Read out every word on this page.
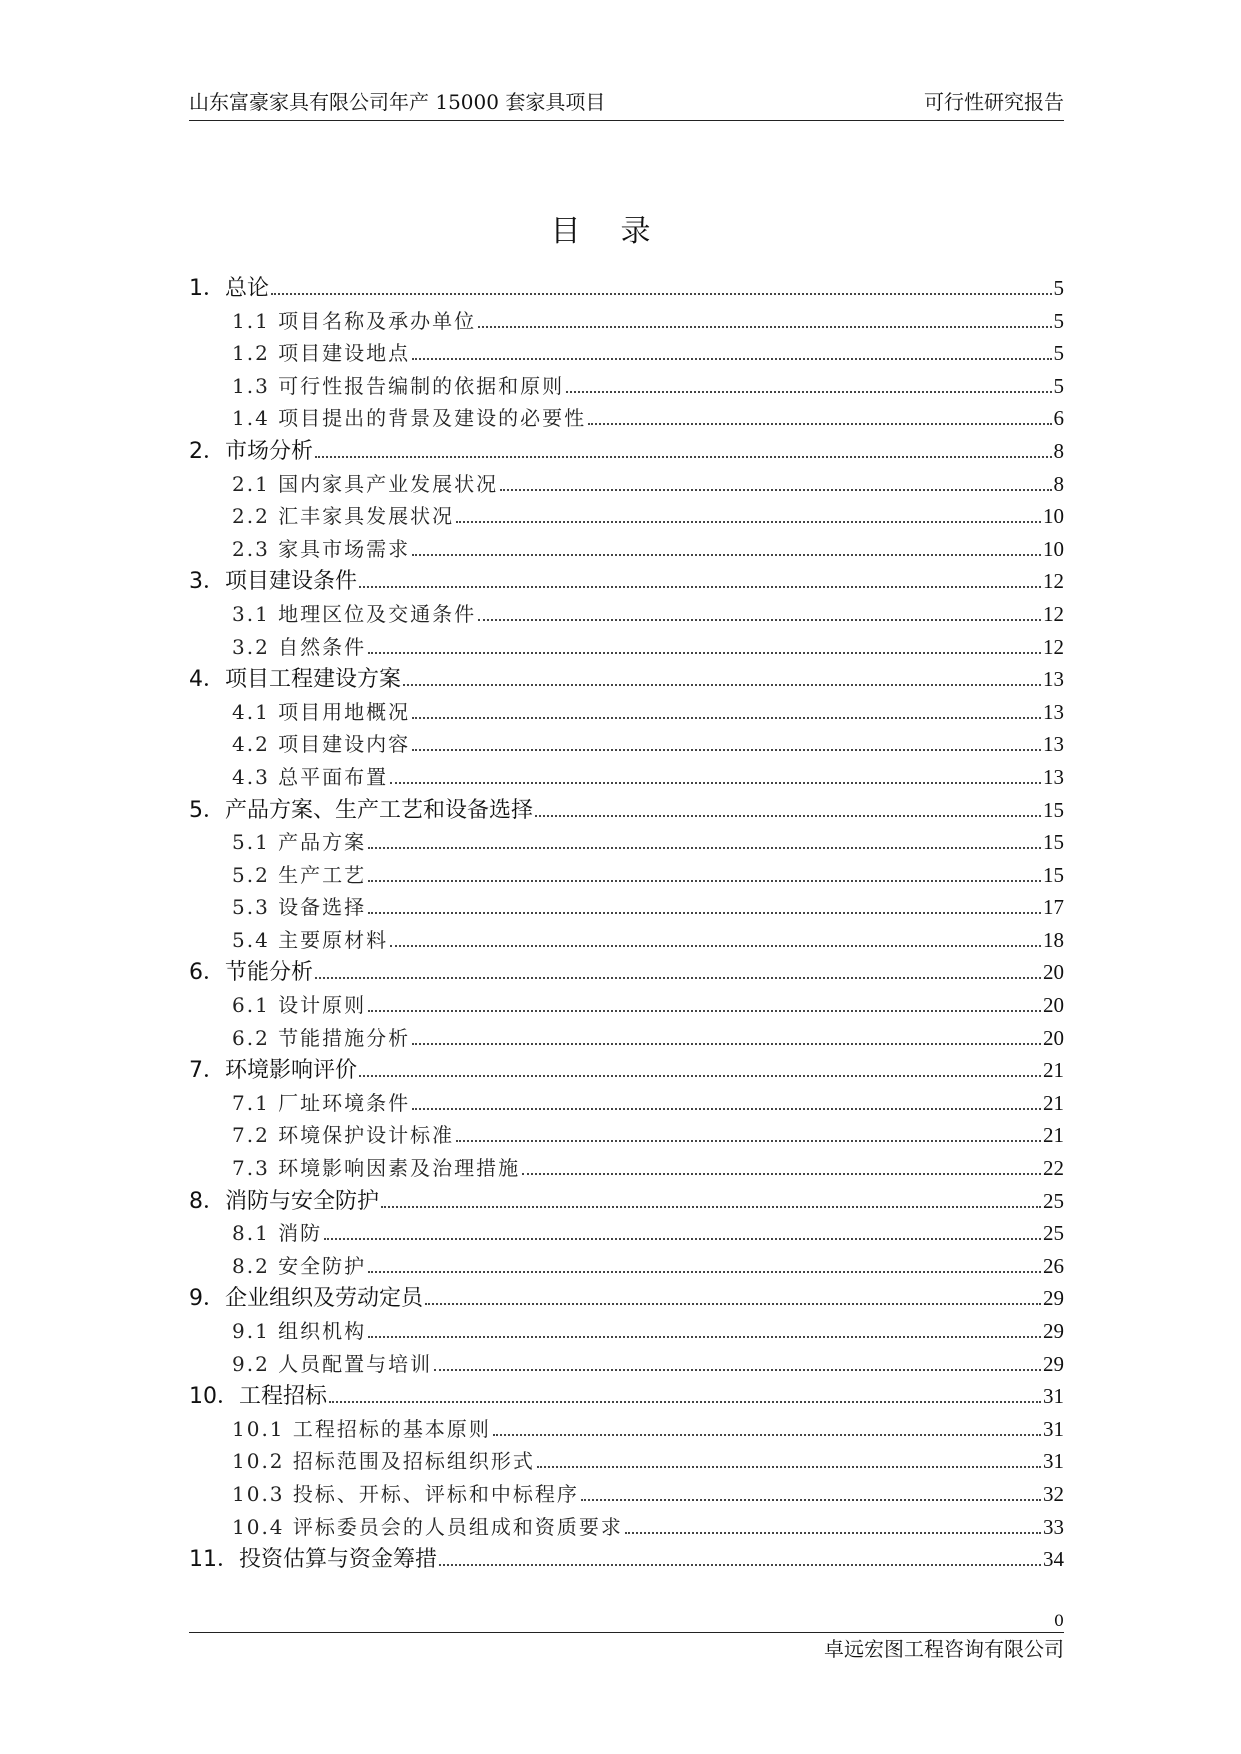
山东富豪家具有限公司年产 15000 套家具项目	可行性研究报告
目录
1．总论	5
1.1 项目名称及承办单位	5
1.2 项目建设地点	5
1.3 可行性报告编制的依据和原则	5
1.4 项目提出的背景及建设的必要性	6
2．市场分析	8
2.1 国内家具产业发展状况	8
2.2 汇丰家具发展状况	10
2.3 家具市场需求	10
3．项目建设条件	12
3.1 地理区位及交通条件	12
3.2 自然条件	12
4．项目工程建设方案	13
4.1 项目用地概况	13
4.2 项目建设内容	13
4.3 总平面布置	13
5．产品方案、生产工艺和设备选择	15
5.1 产品方案	15
5.2 生产工艺	15
5.3 设备选择	17
5.4 主要原材料	18
6．节能分析	20
6.1 设计原则	20
6.2 节能措施分析	20
7．环境影响评价	21
7.1 厂址环境条件	21
7.2 环境保护设计标准	21
7.3 环境影响因素及治理措施	22
8．消防与安全防护	25
8.1 消防	25
8.2 安全防护	26
9．企业组织及劳动定员	29
9.1 组织机构	29
9.2 人员配置与培训	29
10．工程招标	31
10.1 工程招标的基本原则	31
10.2 招标范围及招标组织形式	31
10.3 投标、开标、评标和中标程序	32
10.4 评标委员会的人员组成和资质要求	33
11．投资估算与资金筹措	34
0
卓远宏图工程咨询有限公司
